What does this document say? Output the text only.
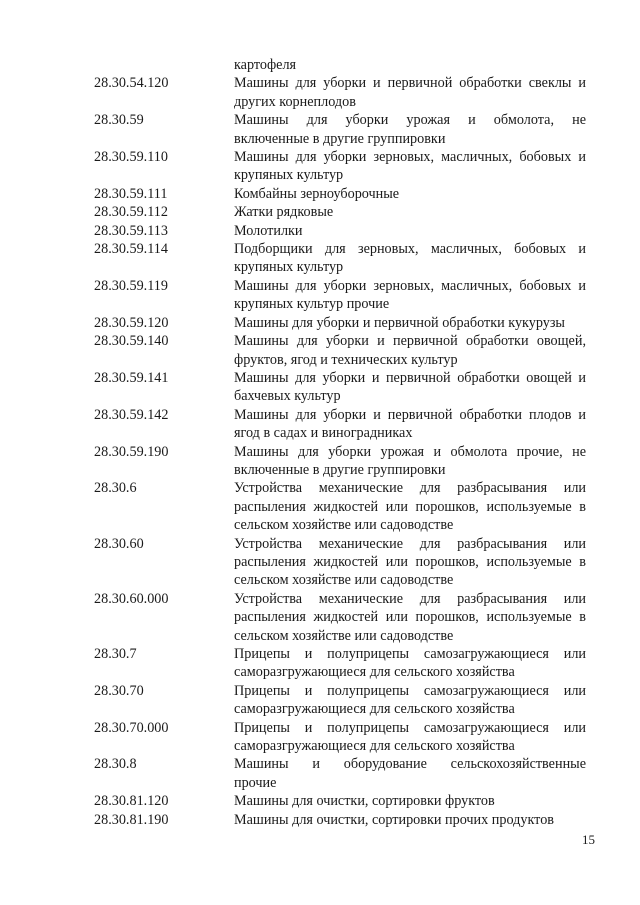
картофеля
28.30.54.120	Машины для уборки и первичной обработки свеклы и
других корнеплодов
28.30.59	Машины для уборки урожая и обмолота, не
включенные в другие группировки
28.30.59.110	Машины для уборки зерновых, масличных, бобовых и
крупяных культур
28.30.59.111	Комбайны зерноуборочные
28.30.59.112	Жатки рядковые
28.30.59.113	Молотилки
28.30.59.114	Подборщики для зерновых, масличных, бобовых и
крупяных культур
28.30.59.119	Машины для уборки зерновых, масличных, бобовых и
крупяных культур прочие
28.30.59.120	Машины для уборки и первичной обработки кукурузы
28.30.59.140	Машины для уборки и первичной обработки овощей,
фруктов, ягод и технических культур
28.30.59.141	Машины для уборки и первичной обработки овощей и
бахчевых культур
28.30.59.142	Машины для уборки и первичной обработки плодов и
ягод в садах и виноградниках
28.30.59.190	Машины для уборки урожая и обмолота прочие, не
включенные в другие группировки
28.30.6	Устройства механические для разбрасывания или
распыления жидкостей или порошков, используемые в
сельском хозяйстве или садоводстве
28.30.60	Устройства механические для разбрасывания или
распыления жидкостей или порошков, используемые в
сельском хозяйстве или садоводстве
28.30.60.000	Устройства механические для разбрасывания или
распыления жидкостей или порошков, используемые в
сельском хозяйстве или садоводстве
28.30.7	Прицепы и полуприцепы самозагружающиеся или
саморазгружающиеся для сельского хозяйства
28.30.70	Прицепы и полуприцепы самозагружающиеся или
саморазгружающиеся для сельского хозяйства
28.30.70.000	Прицепы и полуприцепы самозагружающиеся или
саморазгружающиеся для сельского хозяйства
28.30.8	Машины и оборудование сельскохозяйственные
прочие
28.30.81.120	Машины для очистки, сортировки фруктов
28.30.81.190	Машины для очистки, сортировки прочих продуктов
15
